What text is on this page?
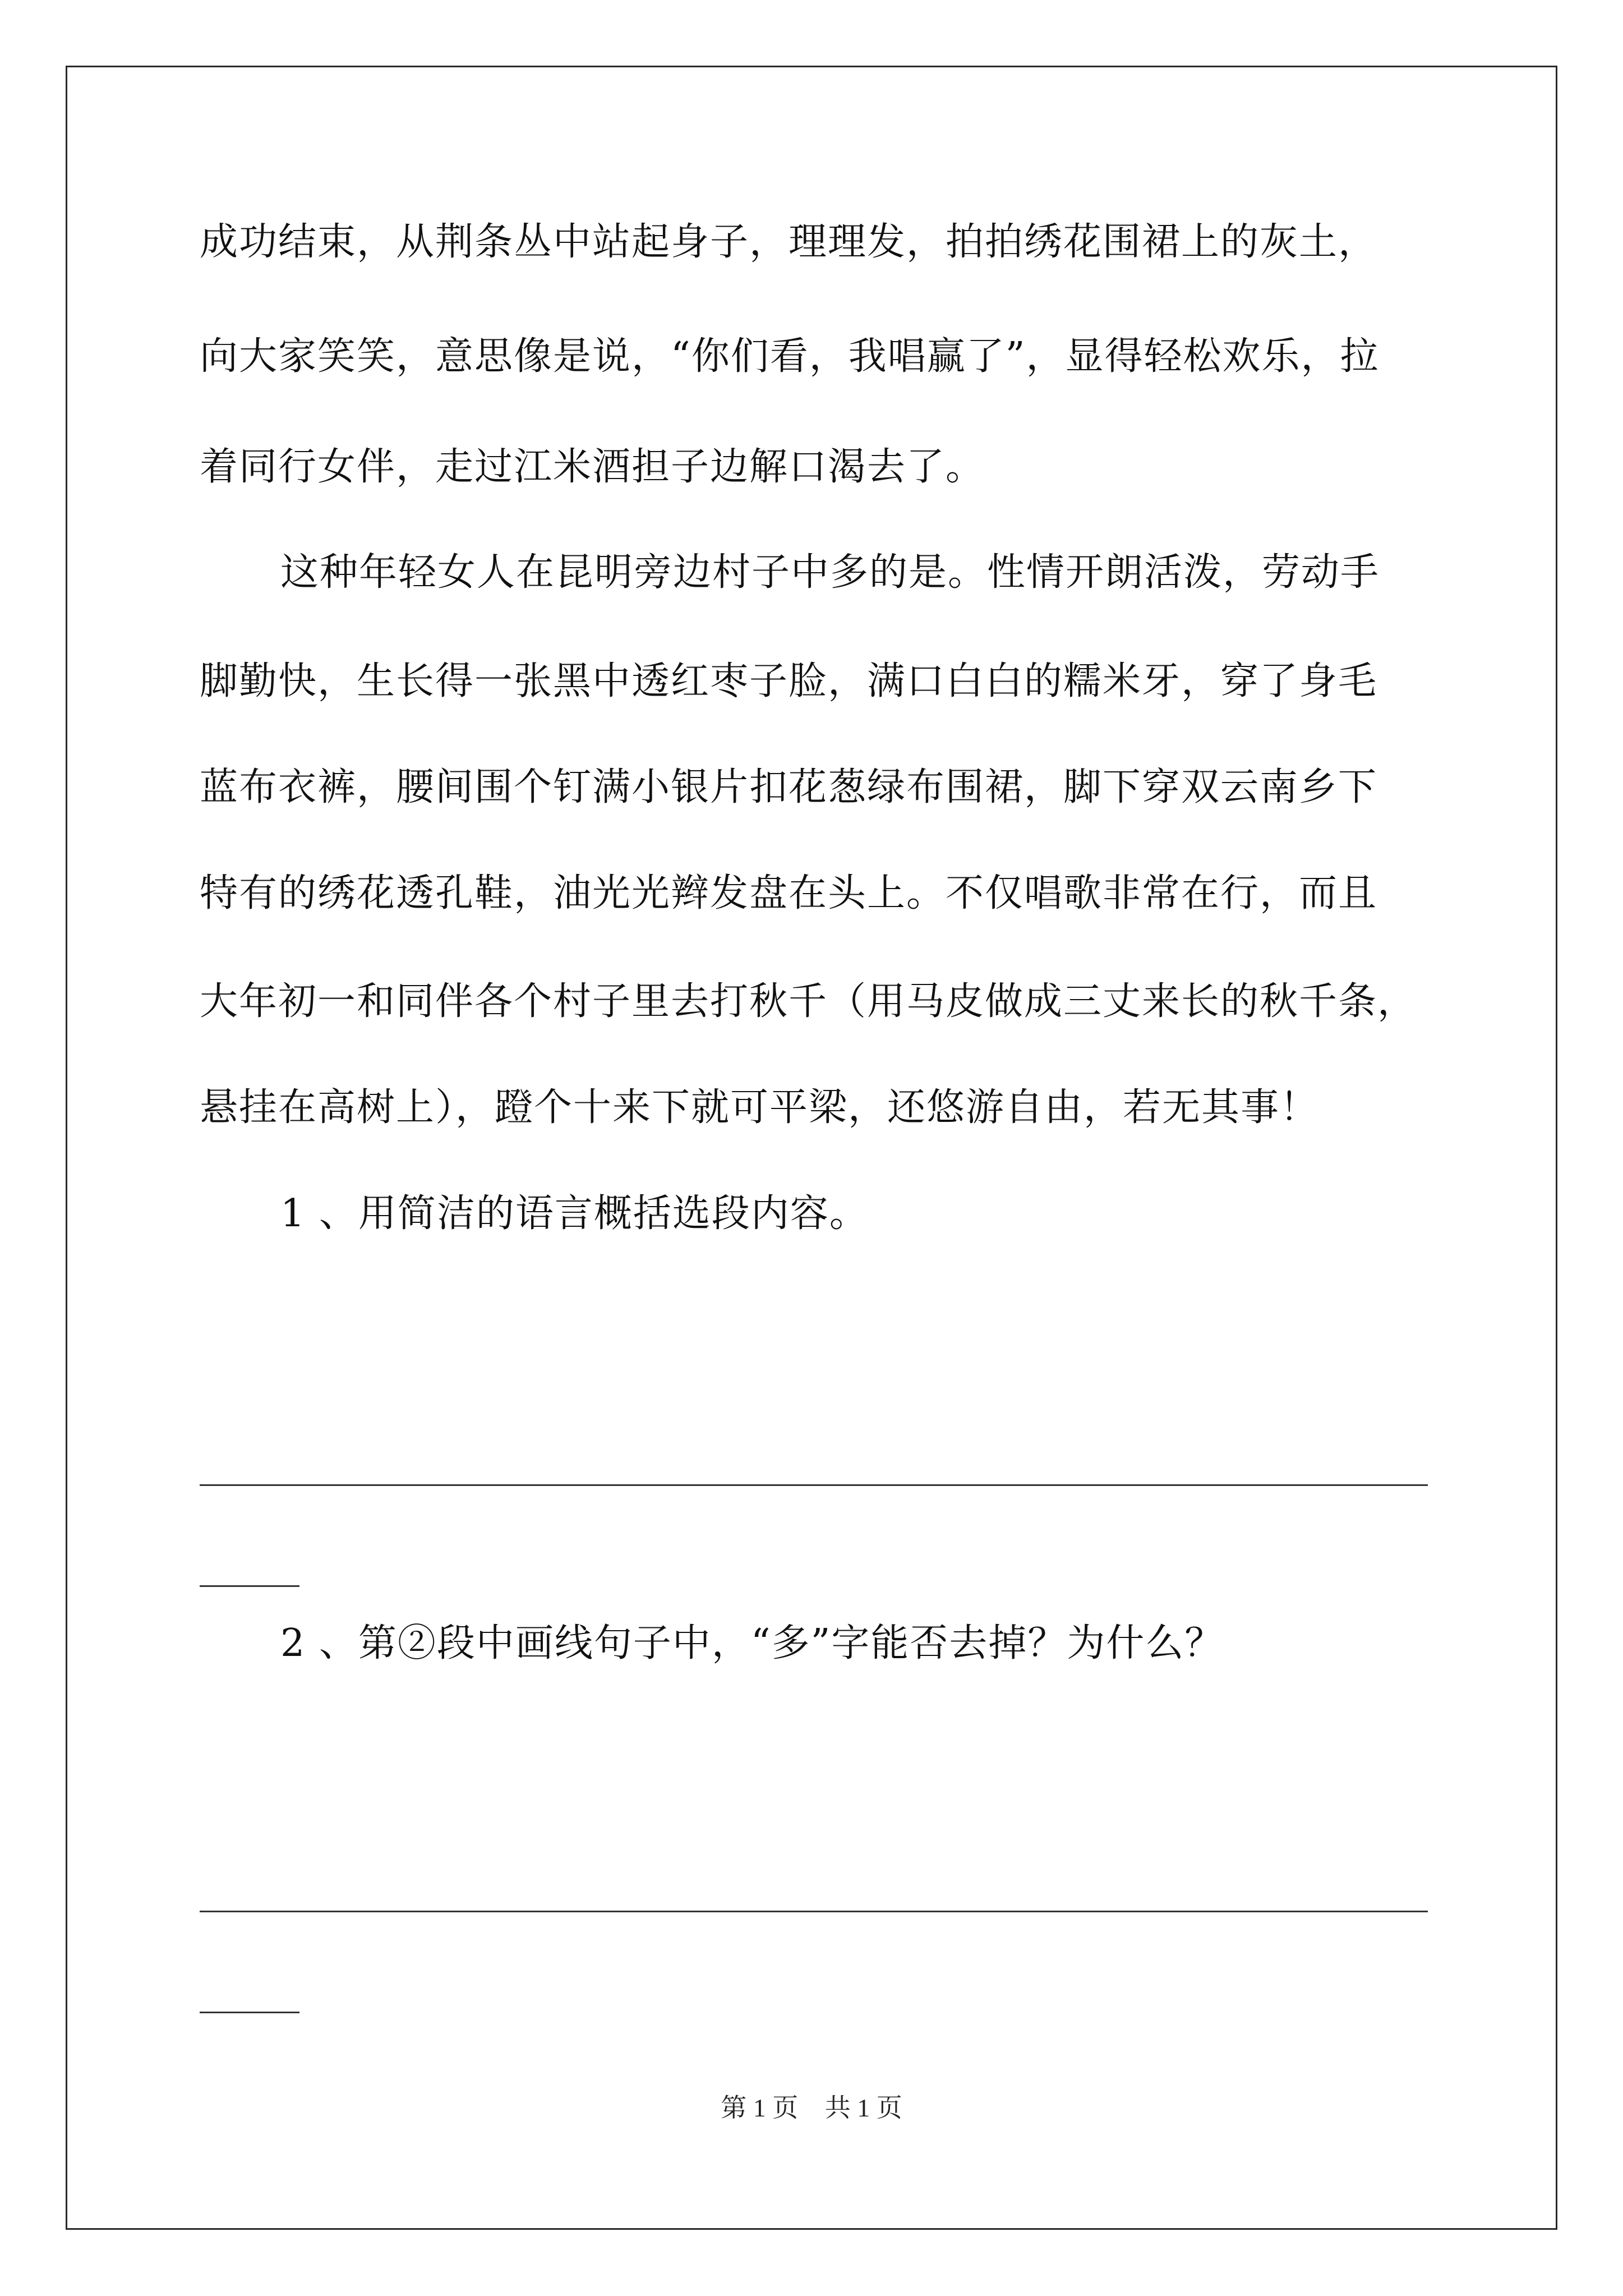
成功结束，从荆条丛中站起身子，理理发，拍拍绣花围裙上的灰土，
向大家笑笑，意思像是说，“你们看，我唱赢了”，显得轻松欢乐，拉
着同行女伴，走过江米酒担子边解口渴去了。
这种年轻女人在昆明旁边村子中多的是。性情开朗活泼，劳动手
脚勤快，生长得一张黑中透红枣子脸，满口白白的糯米牙，穿了身毛
蓝布衣裤，腰间围个钉满小银片扣花葱绿布围裙，脚下穿双云南乡下
特有的绣花透孔鞋，油光光辫发盘在头上。不仅唱歌非常在行，而且
大年初一和同伴各个村子里去打秋千（用马皮做成三丈来长的秋千条，
悬挂在高树上），蹬个十来下就可平梁，还悠游自由，若无其事！
1 、用简洁的语言概括选段内容。
2 、第②段中画线句子中，“多”字能否去掉？为什么？
第 1 页 共 1 页
